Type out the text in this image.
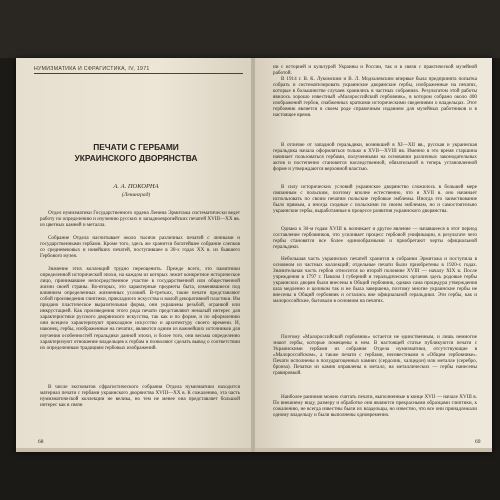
НУМИЗМАТИКА И СФРАГИСТИКА, IV, 1971
ПЕЧАТИ С ГЕРБАМИ
УКРАИНСКОГО ДВОРЯНСТВА
А. А. ПОКОРНА
(Ленинград)

Отдел нумизматики Государственного ордена Ленина Эрмитажа систематически ведет работу по определению и изучению русских и западноевропейских печатей XVIII—XX вв. из цветных камней и металла.

Собрание Отдела насчитывает около тысячи различных печатей с личными и государственными гербами. Кроме того, здесь же хранится богатейшее собрание слепков со средневековых и новейших печатей, поступившее в 30-х годах XX в. из бывшего Гербового музея.

Значение этих коллекций трудно переоценить. Прежде всего, это памятники определенной исторической эпохи, на каждом из которых лежит конкретное историческое лицо, принимавшее непосредственное участие в государственной или общественной жизни своей страны. Во-вторых, это характерные предметы быта, изменявшиеся под влиянием определенных жизненных условий. В-третьих, такие печати представляют собой произведения глиптики, прикладного искусства и малой декоративной пластики. Им придано пластическое выразительная форма, они украшены резьбой, огранкой или инкрустацией. Как произведения этого рода печати представляют немалый интерес для характеристики русского дворянского искусства, так как и по форме, и по оформлению они всецело характеризуют прикладное искусство и архитектуру своего времени. И, наконец, гербы, изображенные на печатях, являются одним из важнейших источников для изучения особенностей геральдики данной эпохи, и более того, они весьма определенно характеризуют отношение владельцев к гербам и позволяют сделать вывод о соответствии их определенным традициям гербовых изображений.

В числе экспонатов сфрагистического собрания Отдела нумизматики находится материал печати с гербами украинского дворянства XVIII—XX в. К сожалению, эта часть нумизматической коллекции не велика, но тем не менее она представляет большой интерес как в связи

68

ии с историей и культурой Украины и России, так и в связи с практической музейной работой.

В 1914 г. В. К. Лукомским и В. Л. Модзалевским впервые была предпринята попытка собрать и систематизировать украинские дворянские гербы, изображенные на печатях, которые в большинстве случаев хранились в частных собраниях. Результатом этой работы явилось хорошо известный «Малороссийский гербовник», в котором собрано около 400 изображений гербов, снабженных краткими историческими сведениями о владельцах. Этот гербовник является в своем роде справочным изданием для музейных работников и в настоящее время.

В отличие от западной геральдики, возникшей в XI—XII вв., русская и украинская геральдика начала оформляться только в XVII—XVIII вв. Именно в это время старшина начинает пользоваться гербами, полученными на основании различных законодательных актов и постепенно становится наследственной, обязательной в теперь установленной форме и утверждаются верховной властью.

В силу исторических условий украинское дворянство сложилось в большей мере связанным с польским, поэтому вполне естественно, что в XVII в. оно начинает использовать по своим печатям польские гербовые эмблемы. Иногда это заимствование было прямым, а иногда сходные с польскими по своим эмблемам, но и самостоятельно украинские гербы, выработанные в процессе развития украинского дворянства.

Однако к 30-м годам XVIII в. возникает и другое явление — начавшееся в этот период составление гербовников, что усиливает процесс гербовой унификации, в результате чего гербы становятся все более единообразными и приобретают черты официальной геральдики.

Небольшая часть украинских печатей хранится в собрании Эрмитажа и поступила в основном из частных коллекций; отдельные печати были приобретены в 1920-х годах. Значительная часть гербов относится ко второй половине XVIII — началу XIX в. После учреждения в 1797 г. Павлом I губерний и геральдических органов здесь родовые гербы украинских дворян были внесены в Общий гербовник, однако сама процедура утверждения шла медленно и целиком так и не была завершена, поэтому многие украинские гербы не внесены в Общий гербовник и остались вне официальной геральдики. Эти гербы, как и малороссийские, бытовали в основном на печатях.

Поэтому «Малороссийский гербовник» остается не единственным, и лишь немногие знают гербы, которые помещены в нем. В настоящей статье публикуются печати с Украинскими гербами из собрания Отдела нумизматики, отсутствующие в «Малороссийском», а также печати с гербами, неизвестными в «Общем гербовнике». Печати исполнены в полудрагоценных камнях (сердолик, халцедон) или металле (серебро, бронза). Печатки из камня оправлены в металл, на металлических — гербы нанесены гравировкой.

Наиболее ранними можно считать печати, выполненные в конце XVII — начале XVIII в. По внешнему виду, размеру и обработке они являются прекрасными образцами глиптики, к сожалению, не всегда известны были их владельцы, но известно, что все они принадлежали одному владельцу и были выполнены одновременно.

69
